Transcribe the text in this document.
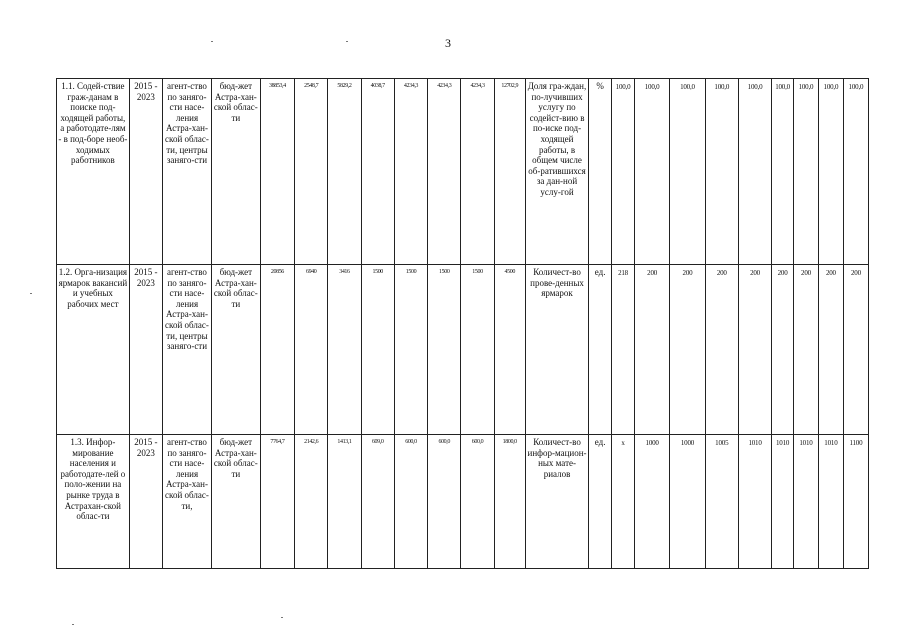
3
1.1. Содей-ствие граж-данам в поиске под-ходящей работы, а работодате-лям - в под-боре необ-ходимых работников	2015 - 2023	агент-ство по заняго-сти насе-ления Астра-хан-ской облас-ти, центры заняго-сти	бюд-жет Астра-хан-ской облас-ти	38853,4	2548,7	5829,2	4038,7	4234,3	4234,3	4234,3	12702,9	Доля гра-ждан, по-лучивших услугу по содейст-вию в по-иске под-ходящей работы, в общем числе об-ратившихся за дан-ной услу-гой	%	100,0	100,0	100,0	100,0	100,0	100,0	100,0	100,0	100,0
1.2. Орга-низация ярмарок вакансий и учебных рабочих мест	2015 - 2023	агент-ство по заняго-сти насе-ления Астра-хан-ской облас-ти, центры заняго-сти	бюд-жет Астра-хан-ской облас-ти	20856	6940	3416	1500	1500	1500	1500	4500	Количест-во прове-денных ярмарок	ед.	218	200	200	200	200	200	200	200	200
1.3. Инфор-мирование населения и работодате-лей о поло-жении на рынке труда в Астрахан-ской облас-ти	2015 - 2023	агент-ство по заняго-сти насе-ления Астра-хан-ской облас-ти,	бюд-жет Астра-хан-ской облас-ти	7764,7	2142,6	1413,1	609,0	600,0	600,0	600,0	1800,0	Количест-во инфор-мацион-ных мате-риалов	ед.	x	1000	1000	1005	1010	1010	1010	1010	1100
